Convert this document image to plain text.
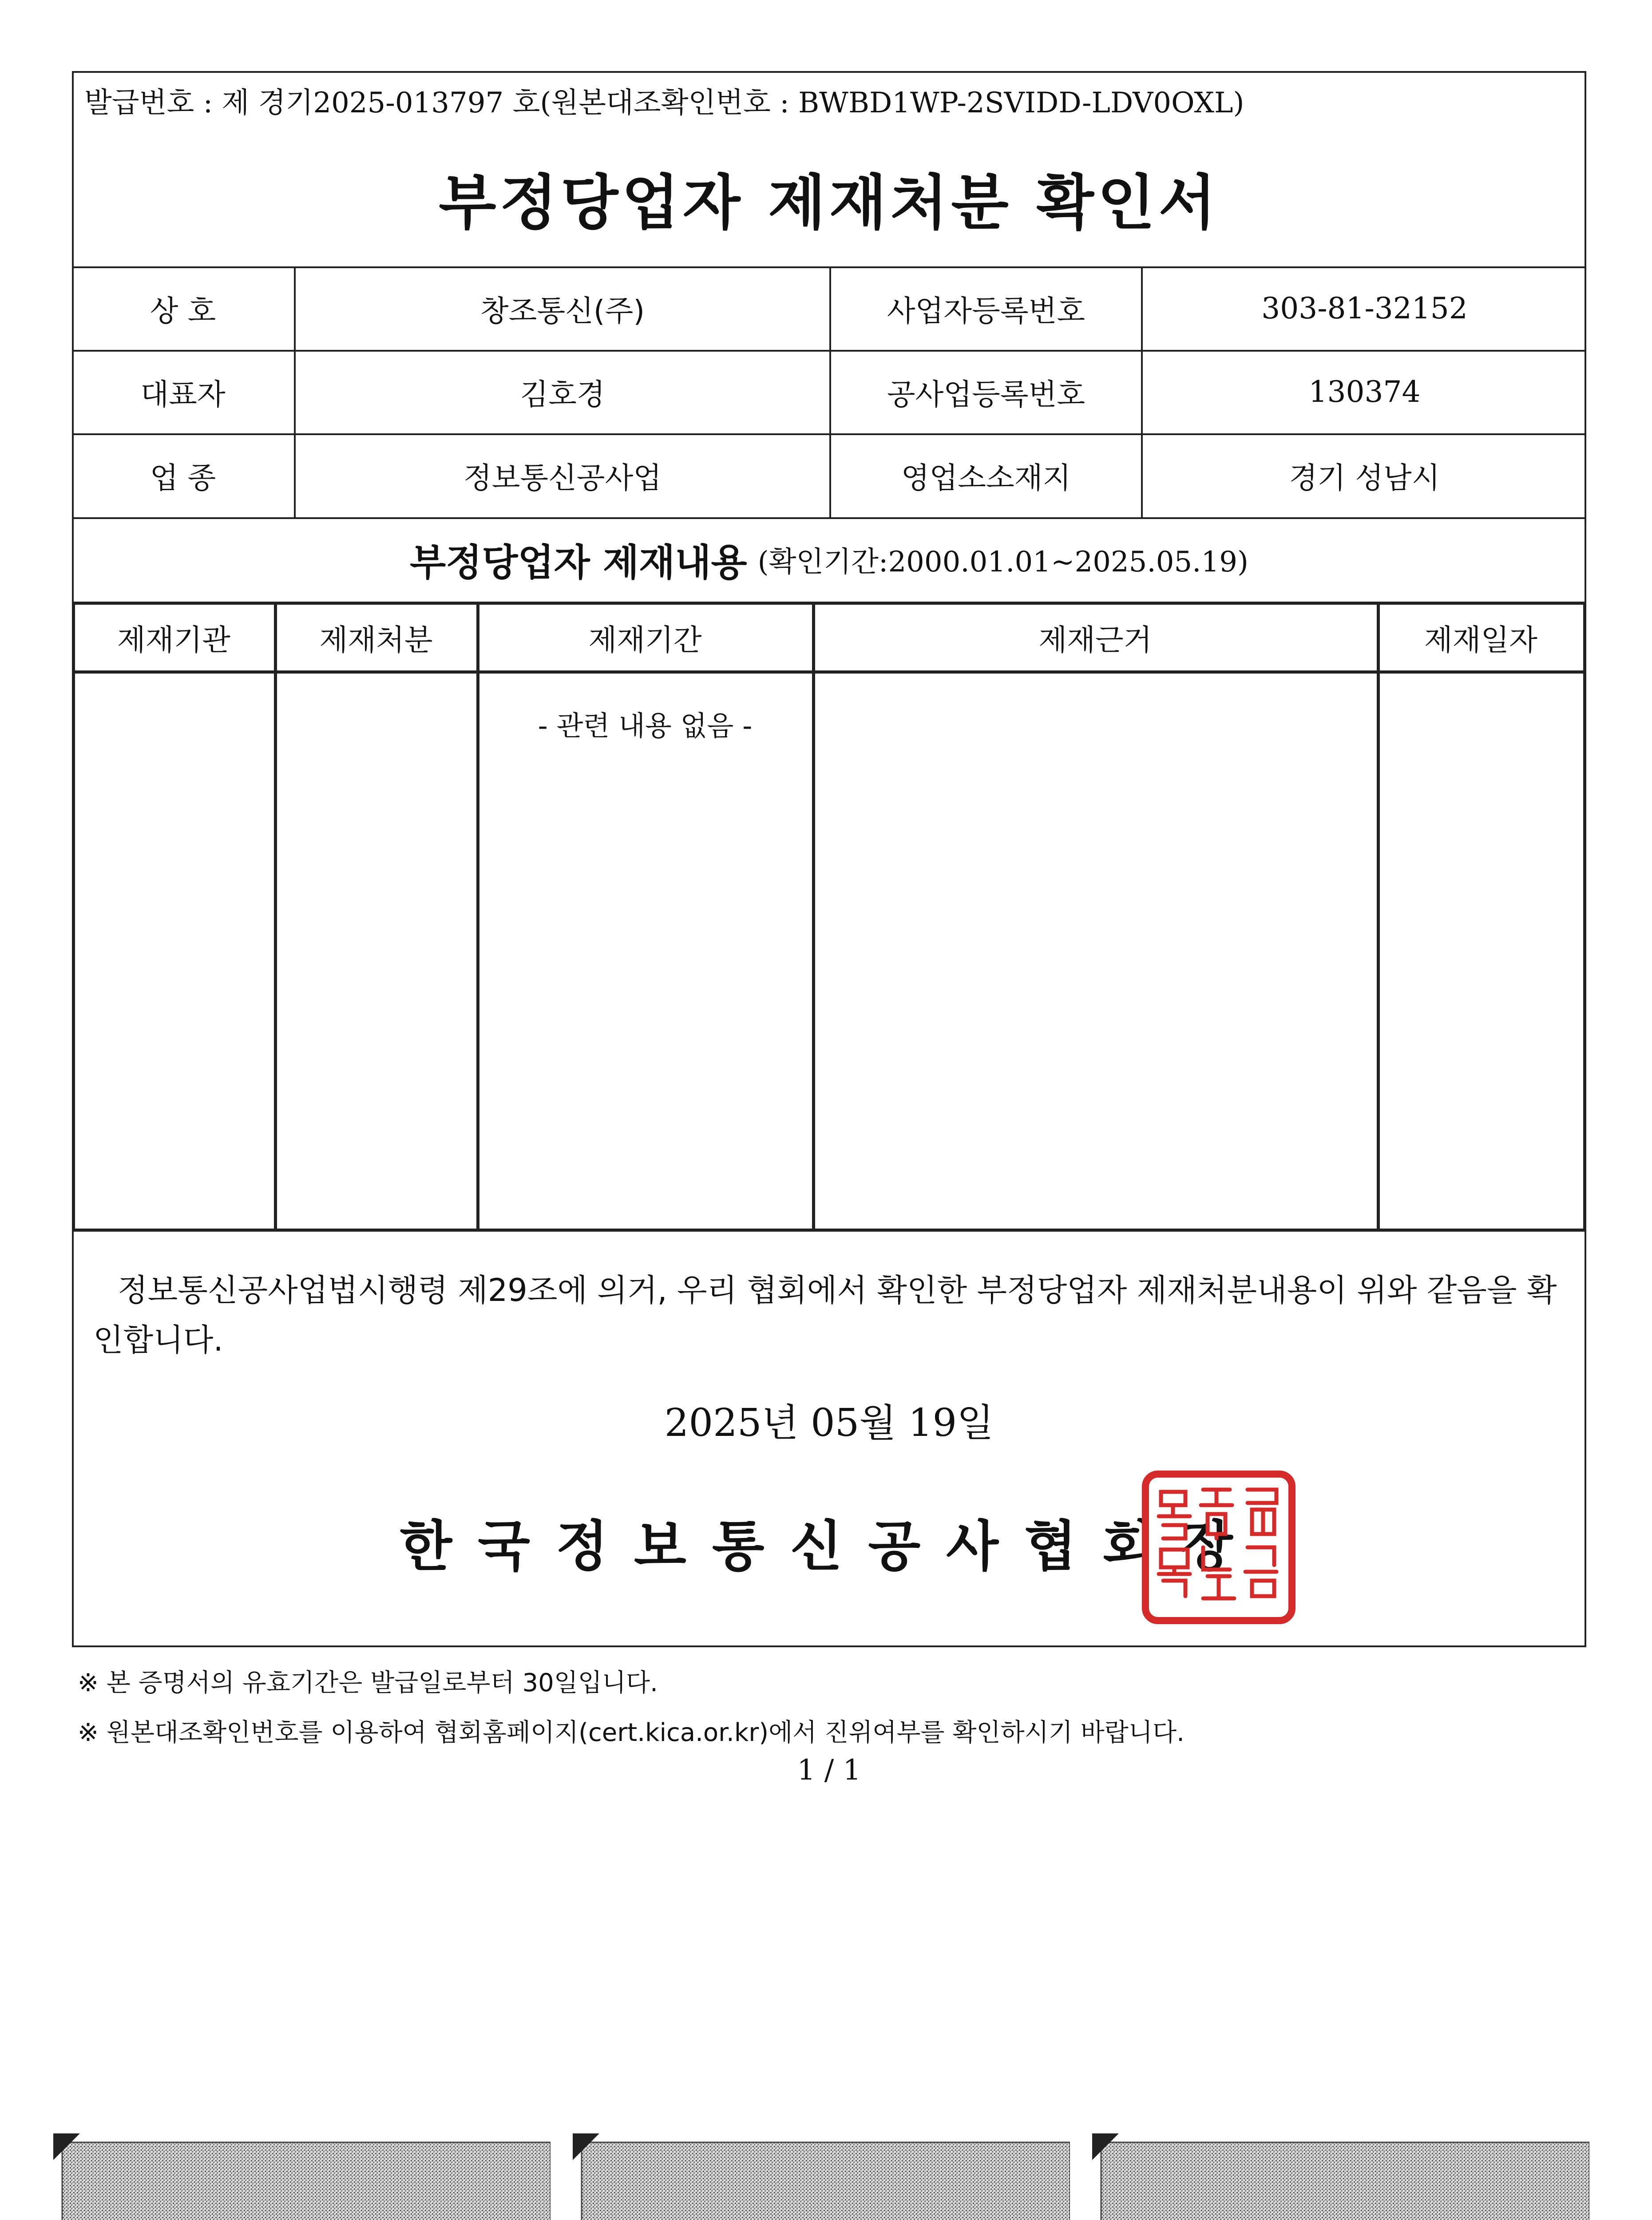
발급번호 : 제 경기2025-013797 호(원본대조확인번호 : BWBD1WP-2SVIDD-LDV0OXL)
부정당업자 제재처분 확인서
상 호	창조통신(주)	사업자등록번호	303-81-32152
대표자	김호경	공사업등록번호	130374
업 종	정보통신공사업	영업소소재지	경기 성남시
부정당업자 제재내용 (확인기간:2000.01.01~2025.05.19)
제재기관	제재처분	제재기간	제재근거	제재일자
- 관련 내용 없음 -
정보통신공사업법시행령 제29조에 의거, 우리 협회에서 확인한 부정당업자 제재처분내용이 위와 같음을 확인합니다.
2025년 05월 19일
한국정보통신공사협회장
※ 본 증명서의 유효기간은 발급일로부터 30일입니다.
※ 원본대조확인번호를 이용하여 협회홈페이지(cert.kica.or.kr)에서 진위여부를 확인하시기 바랍니다.
1 / 1
